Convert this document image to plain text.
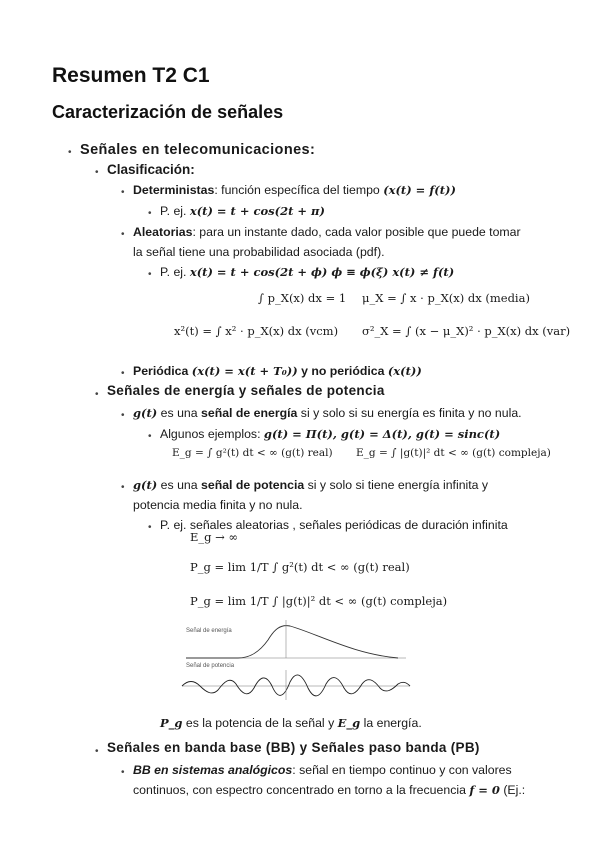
Resumen T2 C1
Caracterización de señales
• Señales en telecomunicaciones:
• Clasificación:
• Deterministas: función específica del tiempo (x(t) = f(t))
• P. ej. x(t) = t + cos(2t + π)
• Aleatorias: para un instante dado, cada valor posible que puede tomar la señal tiene una probabilidad asociada (pdf).
• P. ej. x(t) = t + cos(2t + ϕ) ϕ ≡ ϕ(ξ) x(t) ≠ f(t)
∫ p_X(x) dx = 1 μ_X = ∫ x · p_X(x) dx (media)
x²(t) = ∫ x² · p_X(x) dx (vcm) σ²_X = ∫ (x − μ_X)² · p_X(x) dx (var)
• Periódica (x(t) = x(t + T₀)) y no periódica (x(t))
• Señales de energía y señales de potencia
• g(t) es una señal de energía si y solo si su energía es finita y no nula.
• Algunos ejemplos: g(t) = Π(t), g(t) = Δ(t), g(t) = sinc(t)
E_g = ∫ g²(t) dt < ∞ (g(t) real) E_g = ∫ |g(t)|² dt < ∞ (g(t) compleja)
• g(t) es una señal de potencia si y solo si tiene energía infinita y potencia media finita y no nula.
• P. ej. señales aleatorias , señales periódicas de duración infinita
E_g → ∞
P_g = lim 1/T ∫ g²(t) dt < ∞ (g(t) real)
P_g = lim 1/T ∫ |g(t)|² dt < ∞ (g(t) compleja)
Señal de energía
Señal de potencia
P_g es la potencia de la señal y E_g la energía.
• Señales en banda base (BB) y Señales paso banda (PB)
• BB en sistemas analógicos: señal en tiempo continuo y con valores continuos, con espectro concentrado en torno a la frecuencia f = 0 (Ej.:
